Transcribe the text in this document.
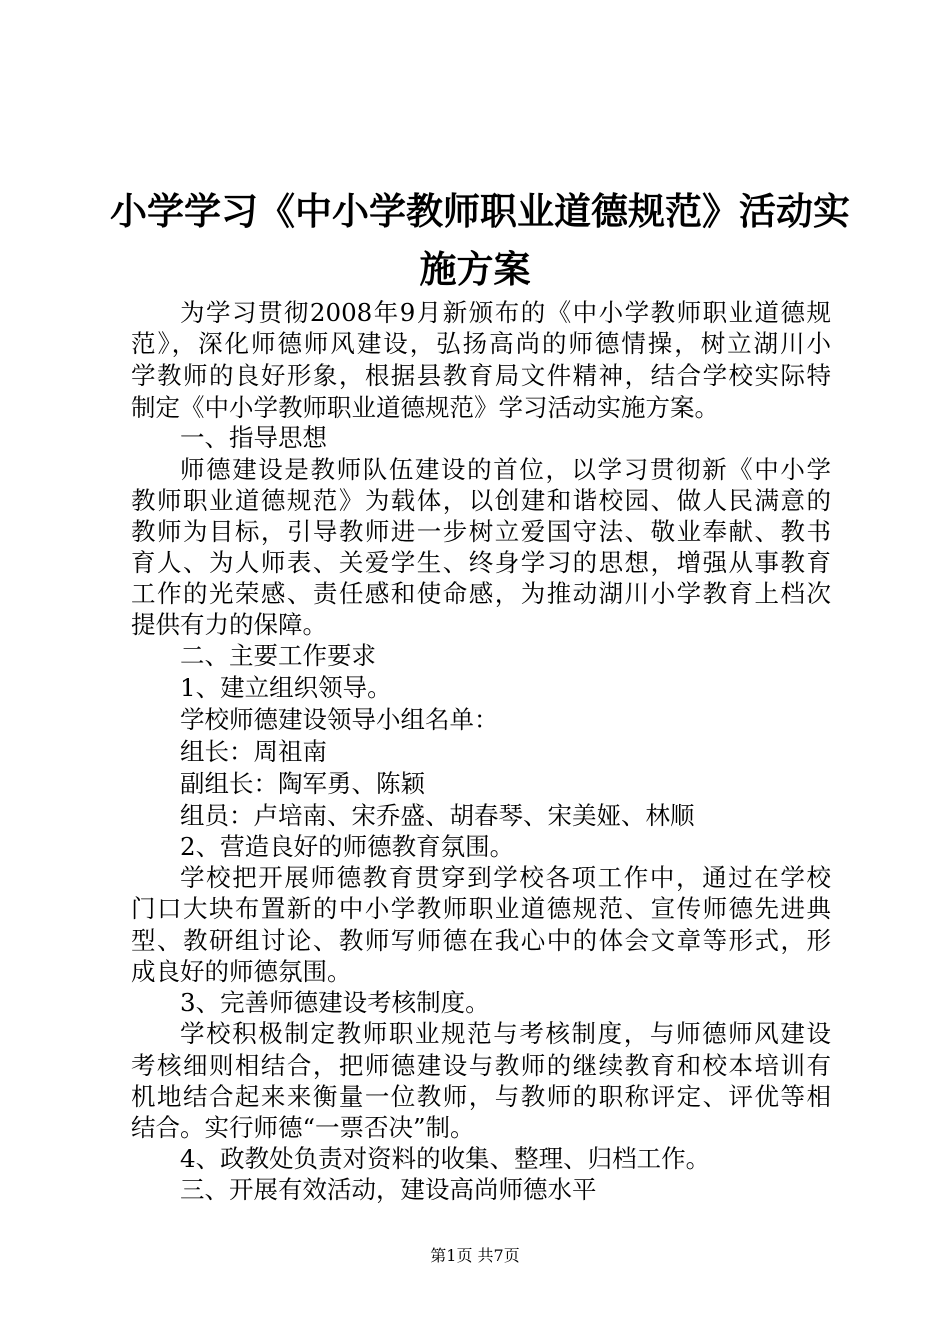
小学学习《中小学教师职业道德规范》活动实
施方案
为学习贯彻2008年9月新颁布的《中小学教师职业道德规
范》，深化师德师风建设，弘扬高尚的师德情操，树立湖川小
学教师的良好形象，根据县教育局文件精神，结合学校实际特
制定《中小学教师职业道德规范》学习活动实施方案。
一、指导思想
师德建设是教师队伍建设的首位，以学习贯彻新《中小学
教师职业道德规范》为载体，以创建和谐校园、做人民满意的
教师为目标，引导教师进一步树立爱国守法、敬业奉献、教书
育人、为人师表、关爱学生、终身学习的思想，增强从事教育
工作的光荣感、责任感和使命感，为推动湖川小学教育上档次
提供有力的保障。
二、主要工作要求
1、建立组织领导。
学校师德建设领导小组名单：
组长：周祖南
副组长：陶军勇、陈颖
组员：卢培南、宋乔盛、胡春琴、宋美娅、林顺
2、营造良好的师德教育氛围。
学校把开展师德教育贯穿到学校各项工作中，通过在学校
门口大块布置新的中小学教师职业道德规范、宣传师德先进典
型、教研组讨论、教师写师德在我心中的体会文章等形式，形
成良好的师德氛围。
3、完善师德建设考核制度。
学校积极制定教师职业规范与考核制度，与师德师风建设
考核细则相结合，把师德建设与教师的继续教育和校本培训有
机地结合起来来衡量一位教师，与教师的职称评定、评优等相
结合。实行师德“一票否决”制。
4、政教处负责对资料的收集、整理、归档工作。
三、开展有效活动，建设高尚师德水平
第1页 共7页
